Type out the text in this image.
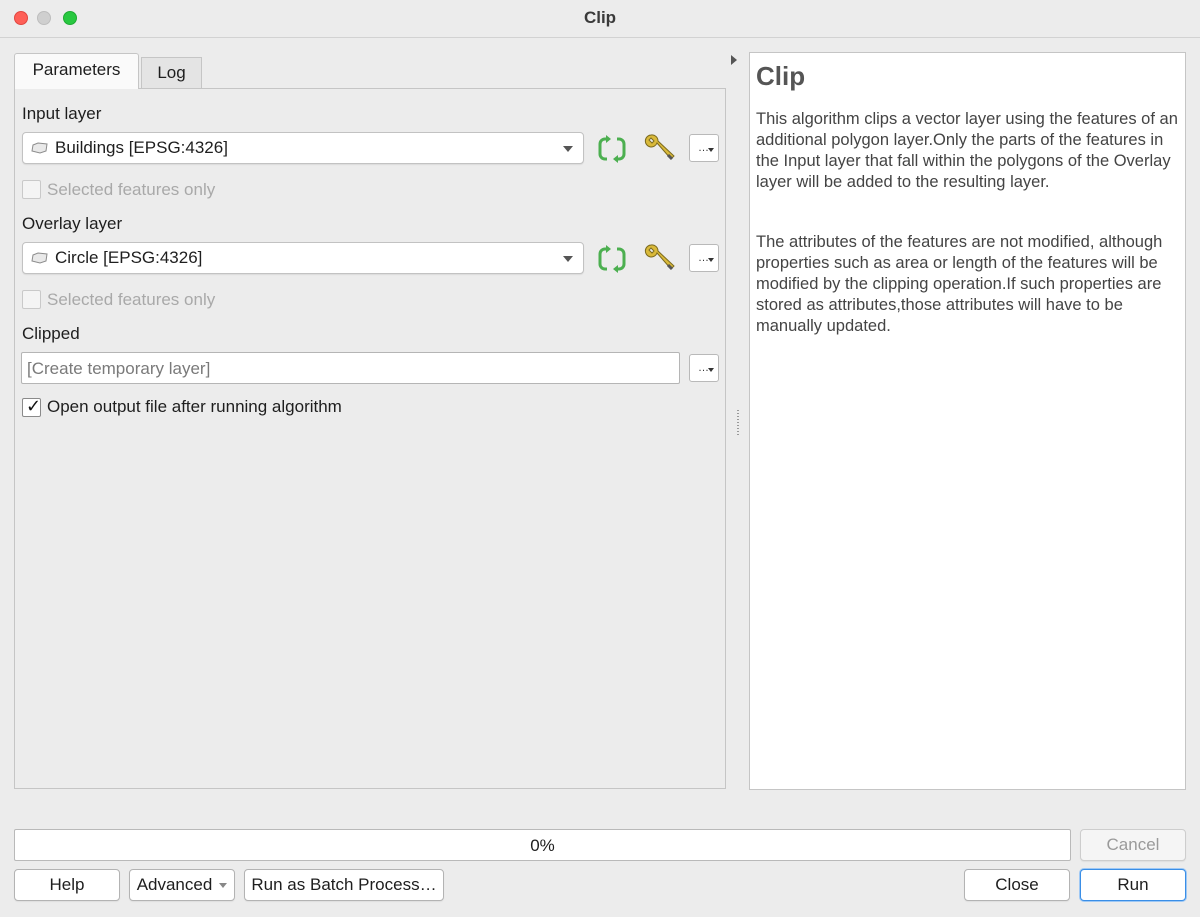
Clip
Parameters	Log
Input layer
Buildings [EPSG:4326]	…
Selected features only
Overlay layer
Circle [EPSG:4326]	…
Selected features only
Clipped
[Create temporary layer]	…
✓ Open output file after running algorithm
Clip
This algorithm clips a vector layer using the features of an additional polygon layer.Only the parts of the features in the Input layer that fall within the polygons of the Overlay layer will be added to the resulting layer.
The attributes of the features are not modified, although properties such as area or length of the features will be modified by the clipping operation.If such properties are stored as attributes,those attributes will have to be manually updated.
0%	Cancel
Help	Advanced	Run as Batch Process…	Close	Run
